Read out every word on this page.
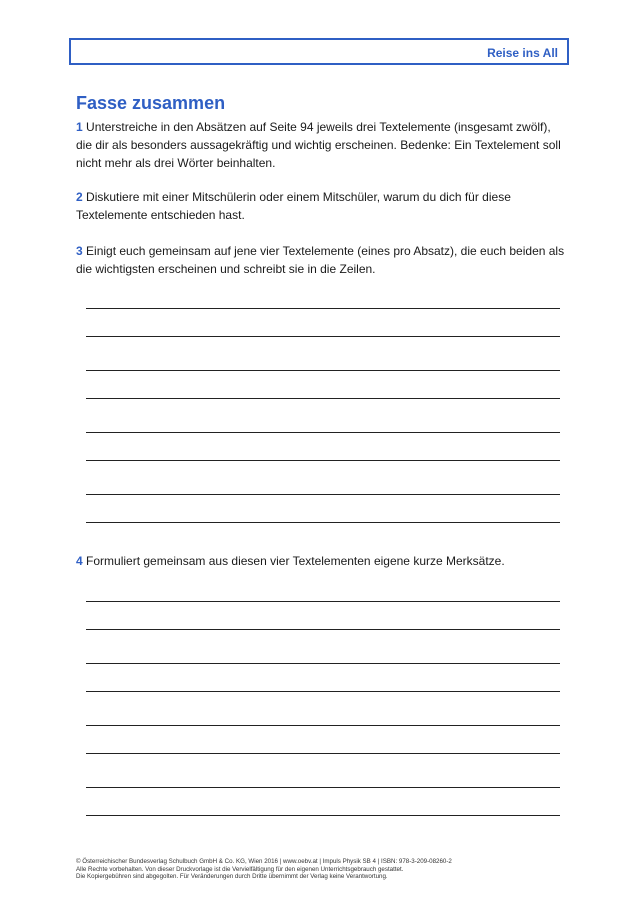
Reise ins All
Fasse zusammen

1 Unterstreiche in den Absätzen auf Seite 94 jeweils drei Textelemente (insgesamt zwölf), die dir als besonders aussagekräftig und wichtig erscheinen. Bedenke: Ein Textelement soll nicht mehr als drei Wörter beinhalten.

2 Diskutiere mit einer Mitschülerin oder einem Mitschüler, warum du dich für diese Textelemente entschieden hast.

3 Einigt euch gemeinsam auf jene vier Textelemente (eines pro Absatz), die euch beiden als die wichtigsten erscheinen und schreibt sie in die Zeilen.

4 Formuliert gemeinsam aus diesen vier Textelementen eigene kurze Merksätze.

© Österreichischer Bundesverlag Schulbuch GmbH & Co. KG, Wien 2016 | www.oebv.at | Impuls Physik SB 4 | ISBN: 978-3-209-08260-2
Alle Rechte vorbehalten. Von dieser Druckvorlage ist die Vervielfältigung für den eigenen Unterrichtsgebrauch gestattet.
Die Kopiergebühren sind abgegolten. Für Veränderungen durch Dritte übernimmt der Verlag keine Verantwortung.
